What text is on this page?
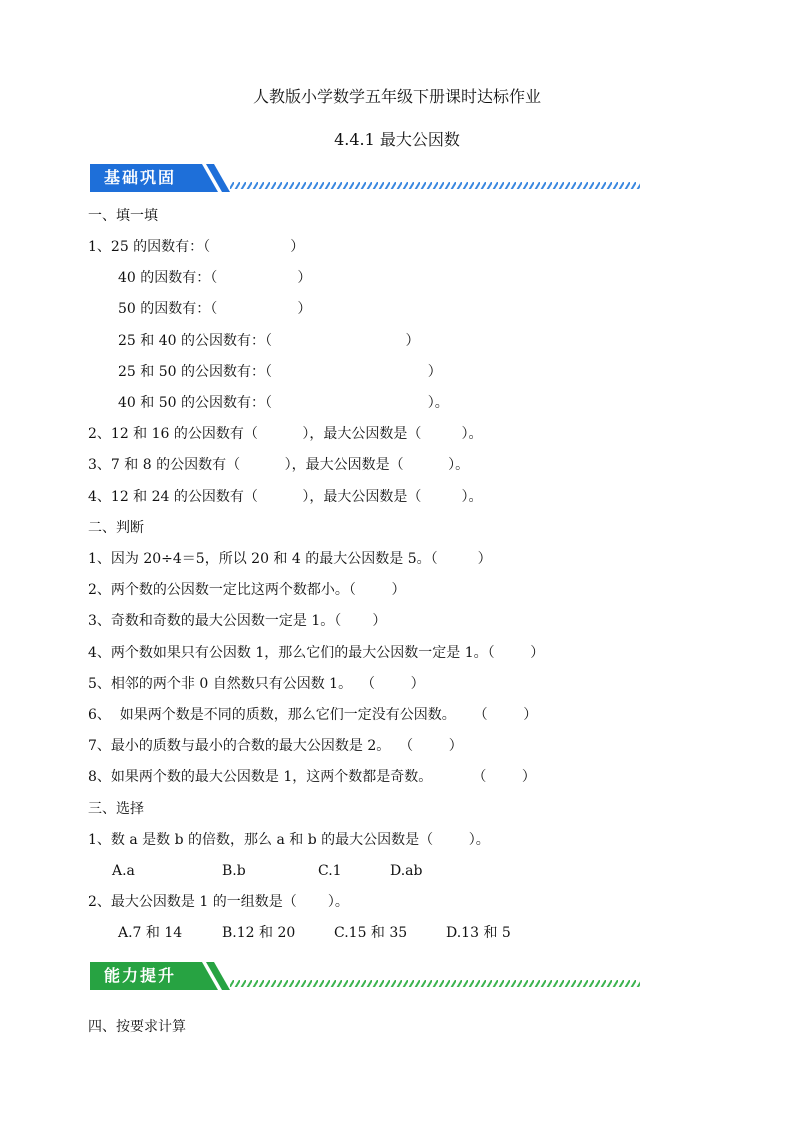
人教版小学数学五年级下册课时达标作业
4.4.1 最大公因数
基础巩固
一、填一填
1、25 的因数有：（                  ）
40 的因数有：（                  ）
50 的因数有：（                  ）
25 和 40 的公因数有：（                              ）
25 和 50 的公因数有：（                                   ）
40 和 50 的公因数有：（                                   ）。
2、12 和 16 的公因数有（          ），最大公因数是（         ）。
3、7 和 8 的公因数有（          ），最大公因数是（          ）。
4、12 和 24 的公因数有（          ），最大公因数是（         ）。
二、判断
1、因为 20÷4＝5，所以 20 和 4 的最大公因数是 5。（         ）
2、两个数的公因数一定比这两个数都小。（        ）
3、奇数和奇数的最大公因数一定是 1。（       ）
4、两个数如果只有公因数 1，那么它们的最大公因数一定是 1。（        ）
5、相邻的两个非 0 自然数只有公因数 1。  （        ）
6、  如果两个数是不同的质数，那么它们一定没有公因数。    （        ）
7、最小的质数与最小的合数的最大公因数是 2。  （        ）
8、如果两个数的最大公因数是 1，这两个数都是奇数。         （        ）
三、选择
1、数 a 是数 b 的倍数，那么 a 和 b 的最大公因数是（        ）。
A.a	B.b	C.1	D.ab
2、最大公因数是 1 的一组数是（       ）。
A.7 和 14	B.12 和 20	C.15 和 35	D.13 和 5
能力提升
四、按要求计算
